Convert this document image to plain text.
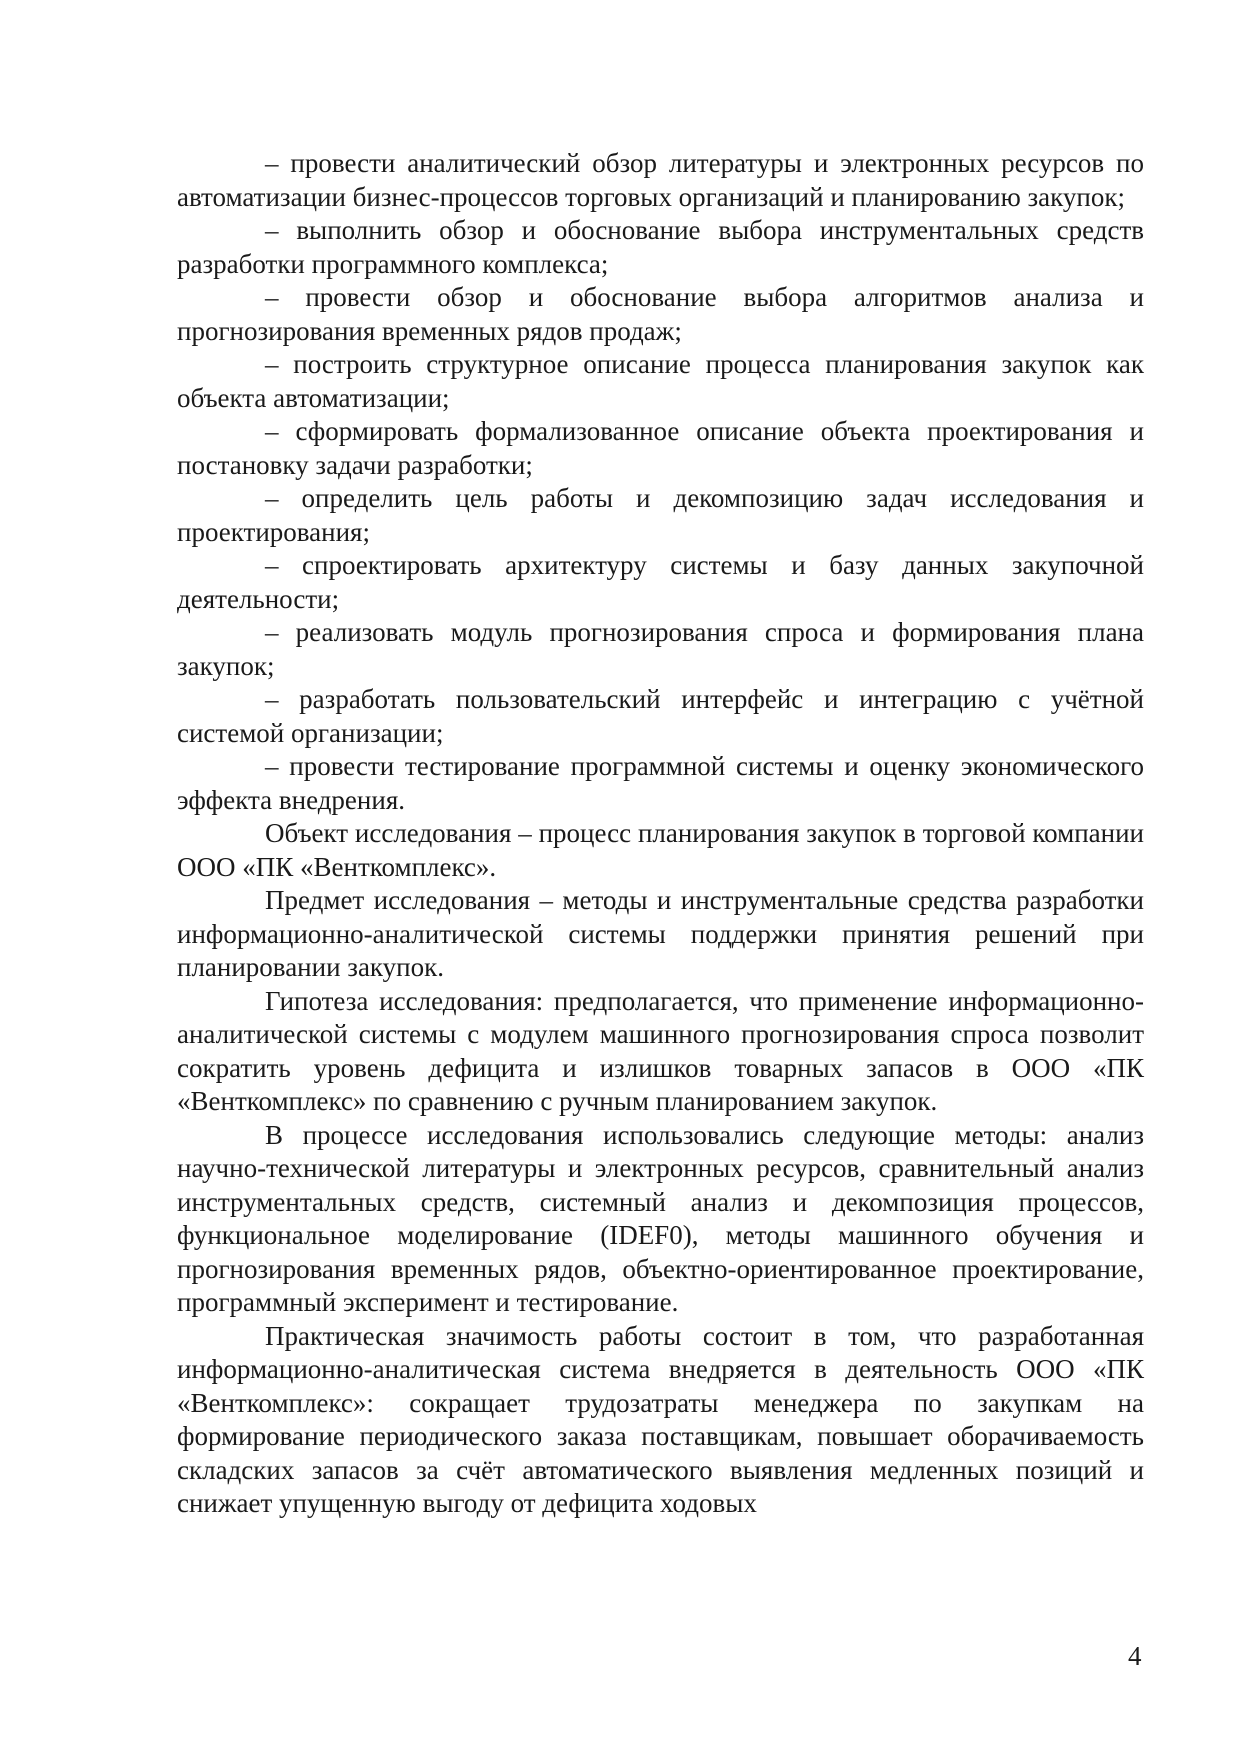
– провести аналитический обзор литературы и электронных ресурсов по автоматизации бизнес-процессов торговых организаций и планированию закупок;

– выполнить обзор и обоснование выбора инструментальных средств разработки программного комплекса;

– провести обзор и обоснование выбора алгоритмов анализа и прогнозирования временных рядов продаж;

– построить структурное описание процесса планирования закупок как объекта автоматизации;

– сформировать формализованное описание объекта проектирования и постановку задачи разработки;

– определить цель работы и декомпозицию задач исследования и проектирования;

– спроектировать архитектуру системы и базу данных закупочной деятельности;

– реализовать модуль прогнозирования спроса и формирования плана закупок;

– разработать пользовательский интерфейс и интеграцию с учётной системой организации;

– провести тестирование программной системы и оценку экономического эффекта внедрения.

Объект исследования – процесс планирования закупок в торговой компании ООО «ПК «Венткомплекс».

Предмет исследования – методы и инструментальные средства разработки информационно-аналитической системы поддержки принятия решений при планировании закупок.

Гипотеза исследования: предполагается, что применение информационно-аналитической системы с модулем машинного прогнозирования спроса позволит сократить уровень дефицита и излишков товарных запасов в ООО «ПК «Венткомплекс» по сравнению с ручным планированием закупок.

В процессе исследования использовались следующие методы: анализ научно-технической литературы и электронных ресурсов, сравнительный анализ инструментальных средств, системный анализ и декомпозиция процессов, функциональное моделирование (IDEF0), методы машинного обучения и прогнозирования временных рядов, объектно-ориентированное проектирование, программный эксперимент и тестирование.

Практическая значимость работы состоит в том, что разработанная информационно-аналитическая система внедряется в деятельность ООО «ПК «Венткомплекс»: сокращает трудозатраты менеджера по закупкам на формирование периодического заказа поставщикам, повышает оборачиваемость складских запасов за счёт автоматического выявления медленных позиций и снижает упущенную выгоду от дефицита ходовых

4
